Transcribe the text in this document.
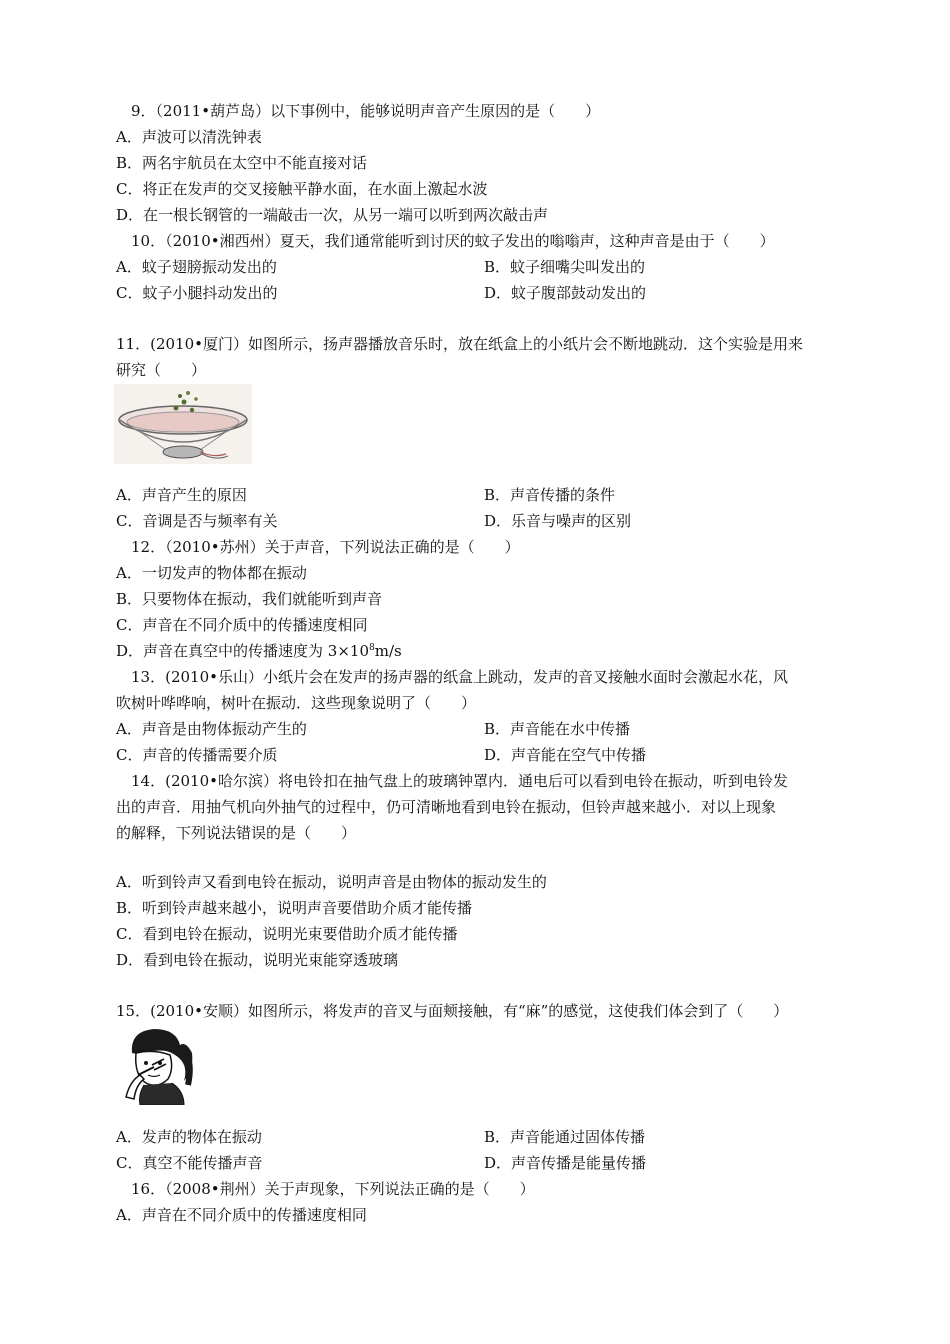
9．（2011•葫芦岛）以下事例中，能够说明声音产生原因的是（　　）
A．声波可以清洗钟表
B．两名宇航员在太空中不能直接对话
C．将正在发声的交叉接触平静水面，在水面上激起水波
D．在一根长钢管的一端敲击一次，从另一端可以听到两次敲击声
10．（2010•湘西州）夏天，我们通常能听到讨厌的蚊子发出的嗡嗡声，这种声音是由于（　　）
A．蚊子翅膀振动发出的	B．蚊子细嘴尖叫发出的
C．蚊子小腿抖动发出的	D．蚊子腹部鼓动发出的
11．(2010•厦门）如图所示，扬声器播放音乐时，放在纸盒上的小纸片会不断地跳动．这个实验是用来
研究（　　）
A．声音产生的原因	B．声音传播的条件
C．音调是否与频率有关	D．乐音与噪声的区别
12．（2010•苏州）关于声音，下列说法正确的是（　　）
A．一切发声的物体都在振动
B．只要物体在振动，我们就能听到声音
C．声音在不同介质中的传播速度相同
D．声音在真空中的传播速度为 $3\times 10^8m/s$
13．(2010•乐山）小纸片会在发声的扬声器的纸盒上跳动，发声的音叉接触水面时会激起水花，风
吹树叶哗哗响，树叶在振动．这些现象说明了（　　）
A．声音是由物体振动产生的	B．声音能在水中传播
C．声音的传播需要介质	D．声音能在空气中传播
14．(2010•哈尔滨）将电铃扣在抽气盘上的玻璃钟罩内．通电后可以看到电铃在振动，听到电铃发
出的声音．用抽气机向外抽气的过程中，仍可清晰地看到电铃在振动，但铃声越来越小．对以上现象
的解释，下列说法错误的是（　　）
A．听到铃声又看到电铃在振动，说明声音是由物体的振动发生的
B．听到铃声越来越小，说明声音要借助介质才能传播
C．看到电铃在振动，说明光束要借助介质才能传播
D．看到电铃在振动，说明光束能穿透玻璃
15．(2010•安顺）如图所示，将发声的音叉与面颊接触，有“麻”的感觉，这使我们体会到了（　　）
A．发声的物体在振动	B．声音能通过固体传播
C．真空不能传播声音	D．声音传播是能量传播
16．（2008•荆州）关于声现象，下列说法正确的是（　　）
A．声音在不同介质中的传播速度相同
